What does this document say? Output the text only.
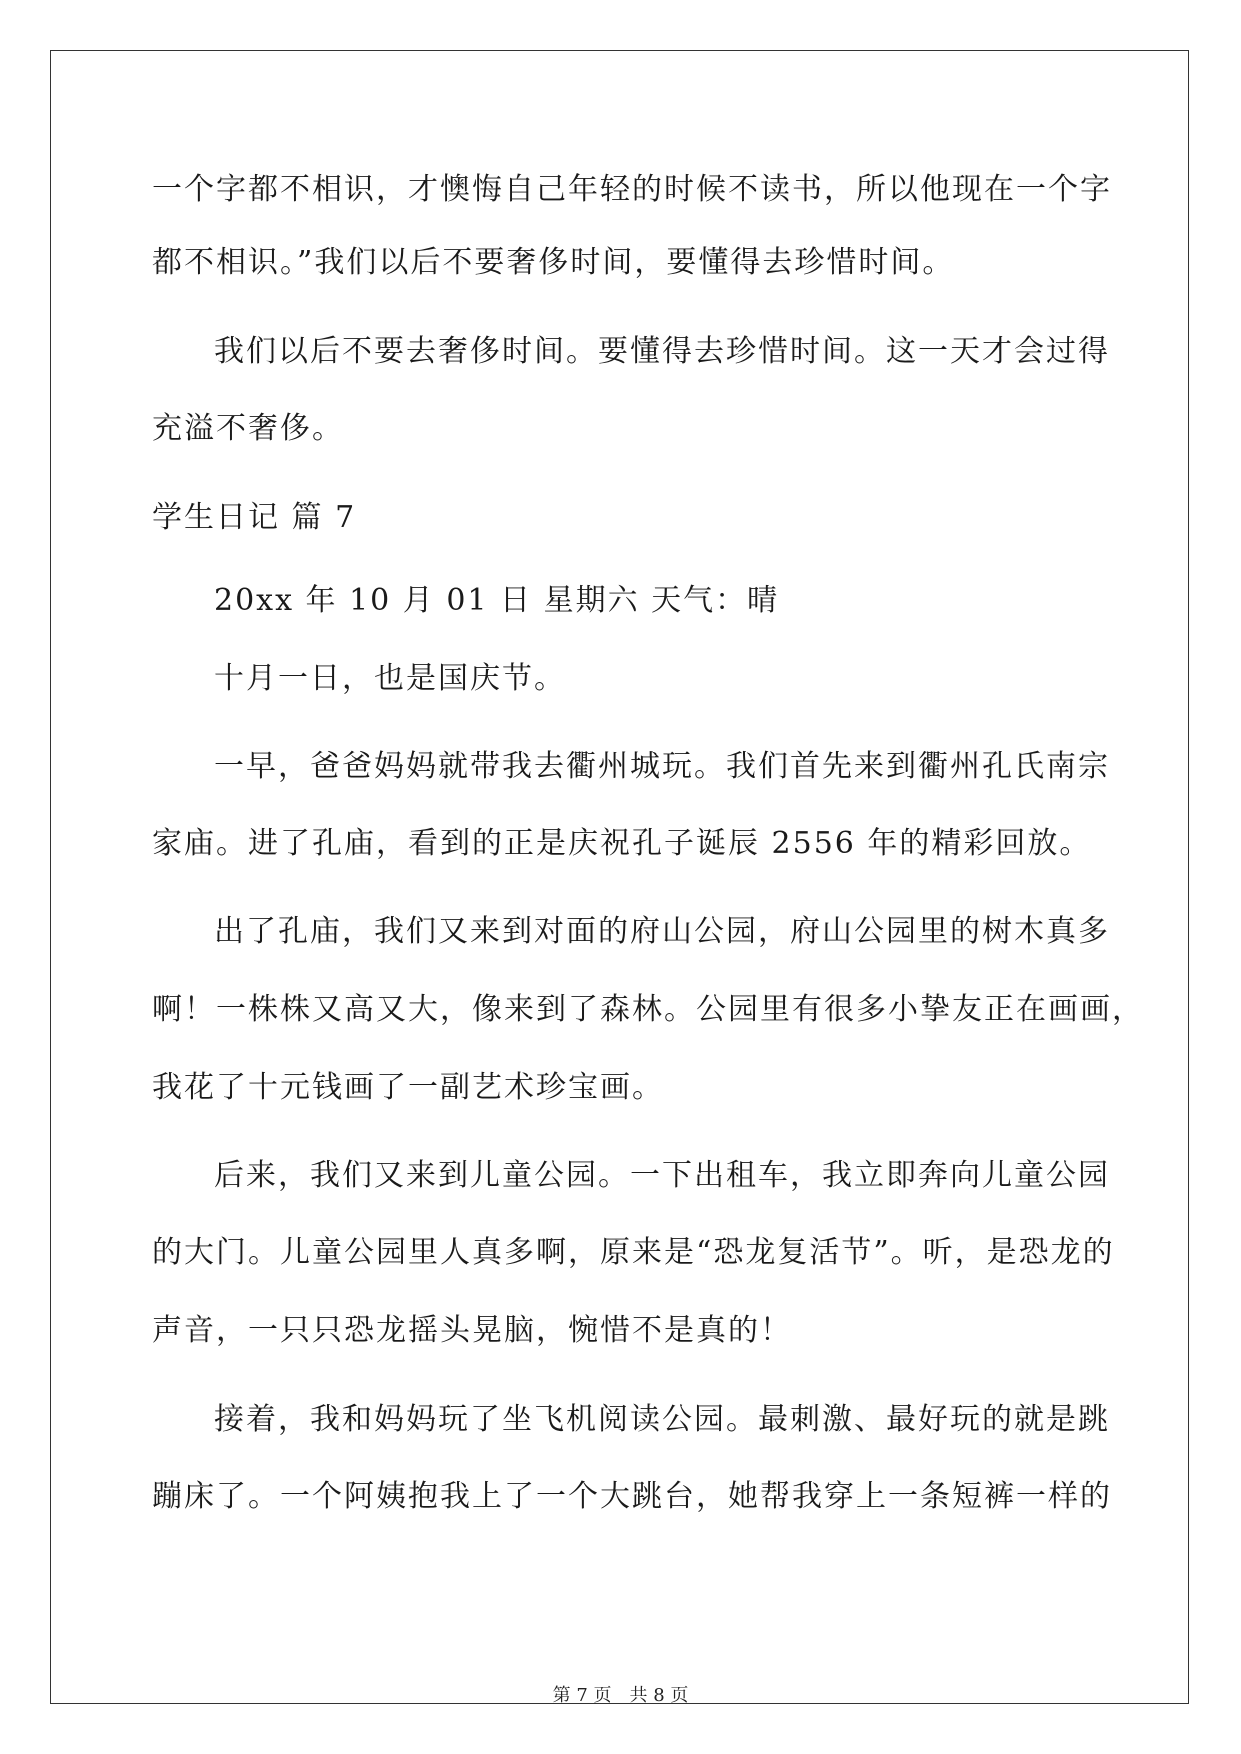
一个字都不相识，才懊悔自己年轻的时候不读书，所以他现在一个字
都不相识。”我们以后不要奢侈时间，要懂得去珍惜时间。
我们以后不要去奢侈时间。要懂得去珍惜时间。这一天才会过得
充溢不奢侈。
学生日记 篇 7
20xx 年 10 月 01 日 星期六 天气：晴
十月一日，也是国庆节。
一早，爸爸妈妈就带我去衢州城玩。我们首先来到衢州孔氏南宗
家庙。进了孔庙，看到的正是庆祝孔子诞辰 2556 年的精彩回放。
出了孔庙，我们又来到对面的府山公园，府山公园里的树木真多
啊！一株株又高又大，像来到了森林。公园里有很多小挚友正在画画，
我花了十元钱画了一副艺术珍宝画。
后来，我们又来到儿童公园。一下出租车，我立即奔向儿童公园
的大门。儿童公园里人真多啊，原来是“恐龙复活节”。听，是恐龙的
声音，一只只恐龙摇头晃脑，惋惜不是真的！
接着，我和妈妈玩了坐飞机阅读公园。最刺激、最好玩的就是跳
蹦床了。一个阿姨抱我上了一个大跳台，她帮我穿上一条短裤一样的
第 7 页 共 8 页
